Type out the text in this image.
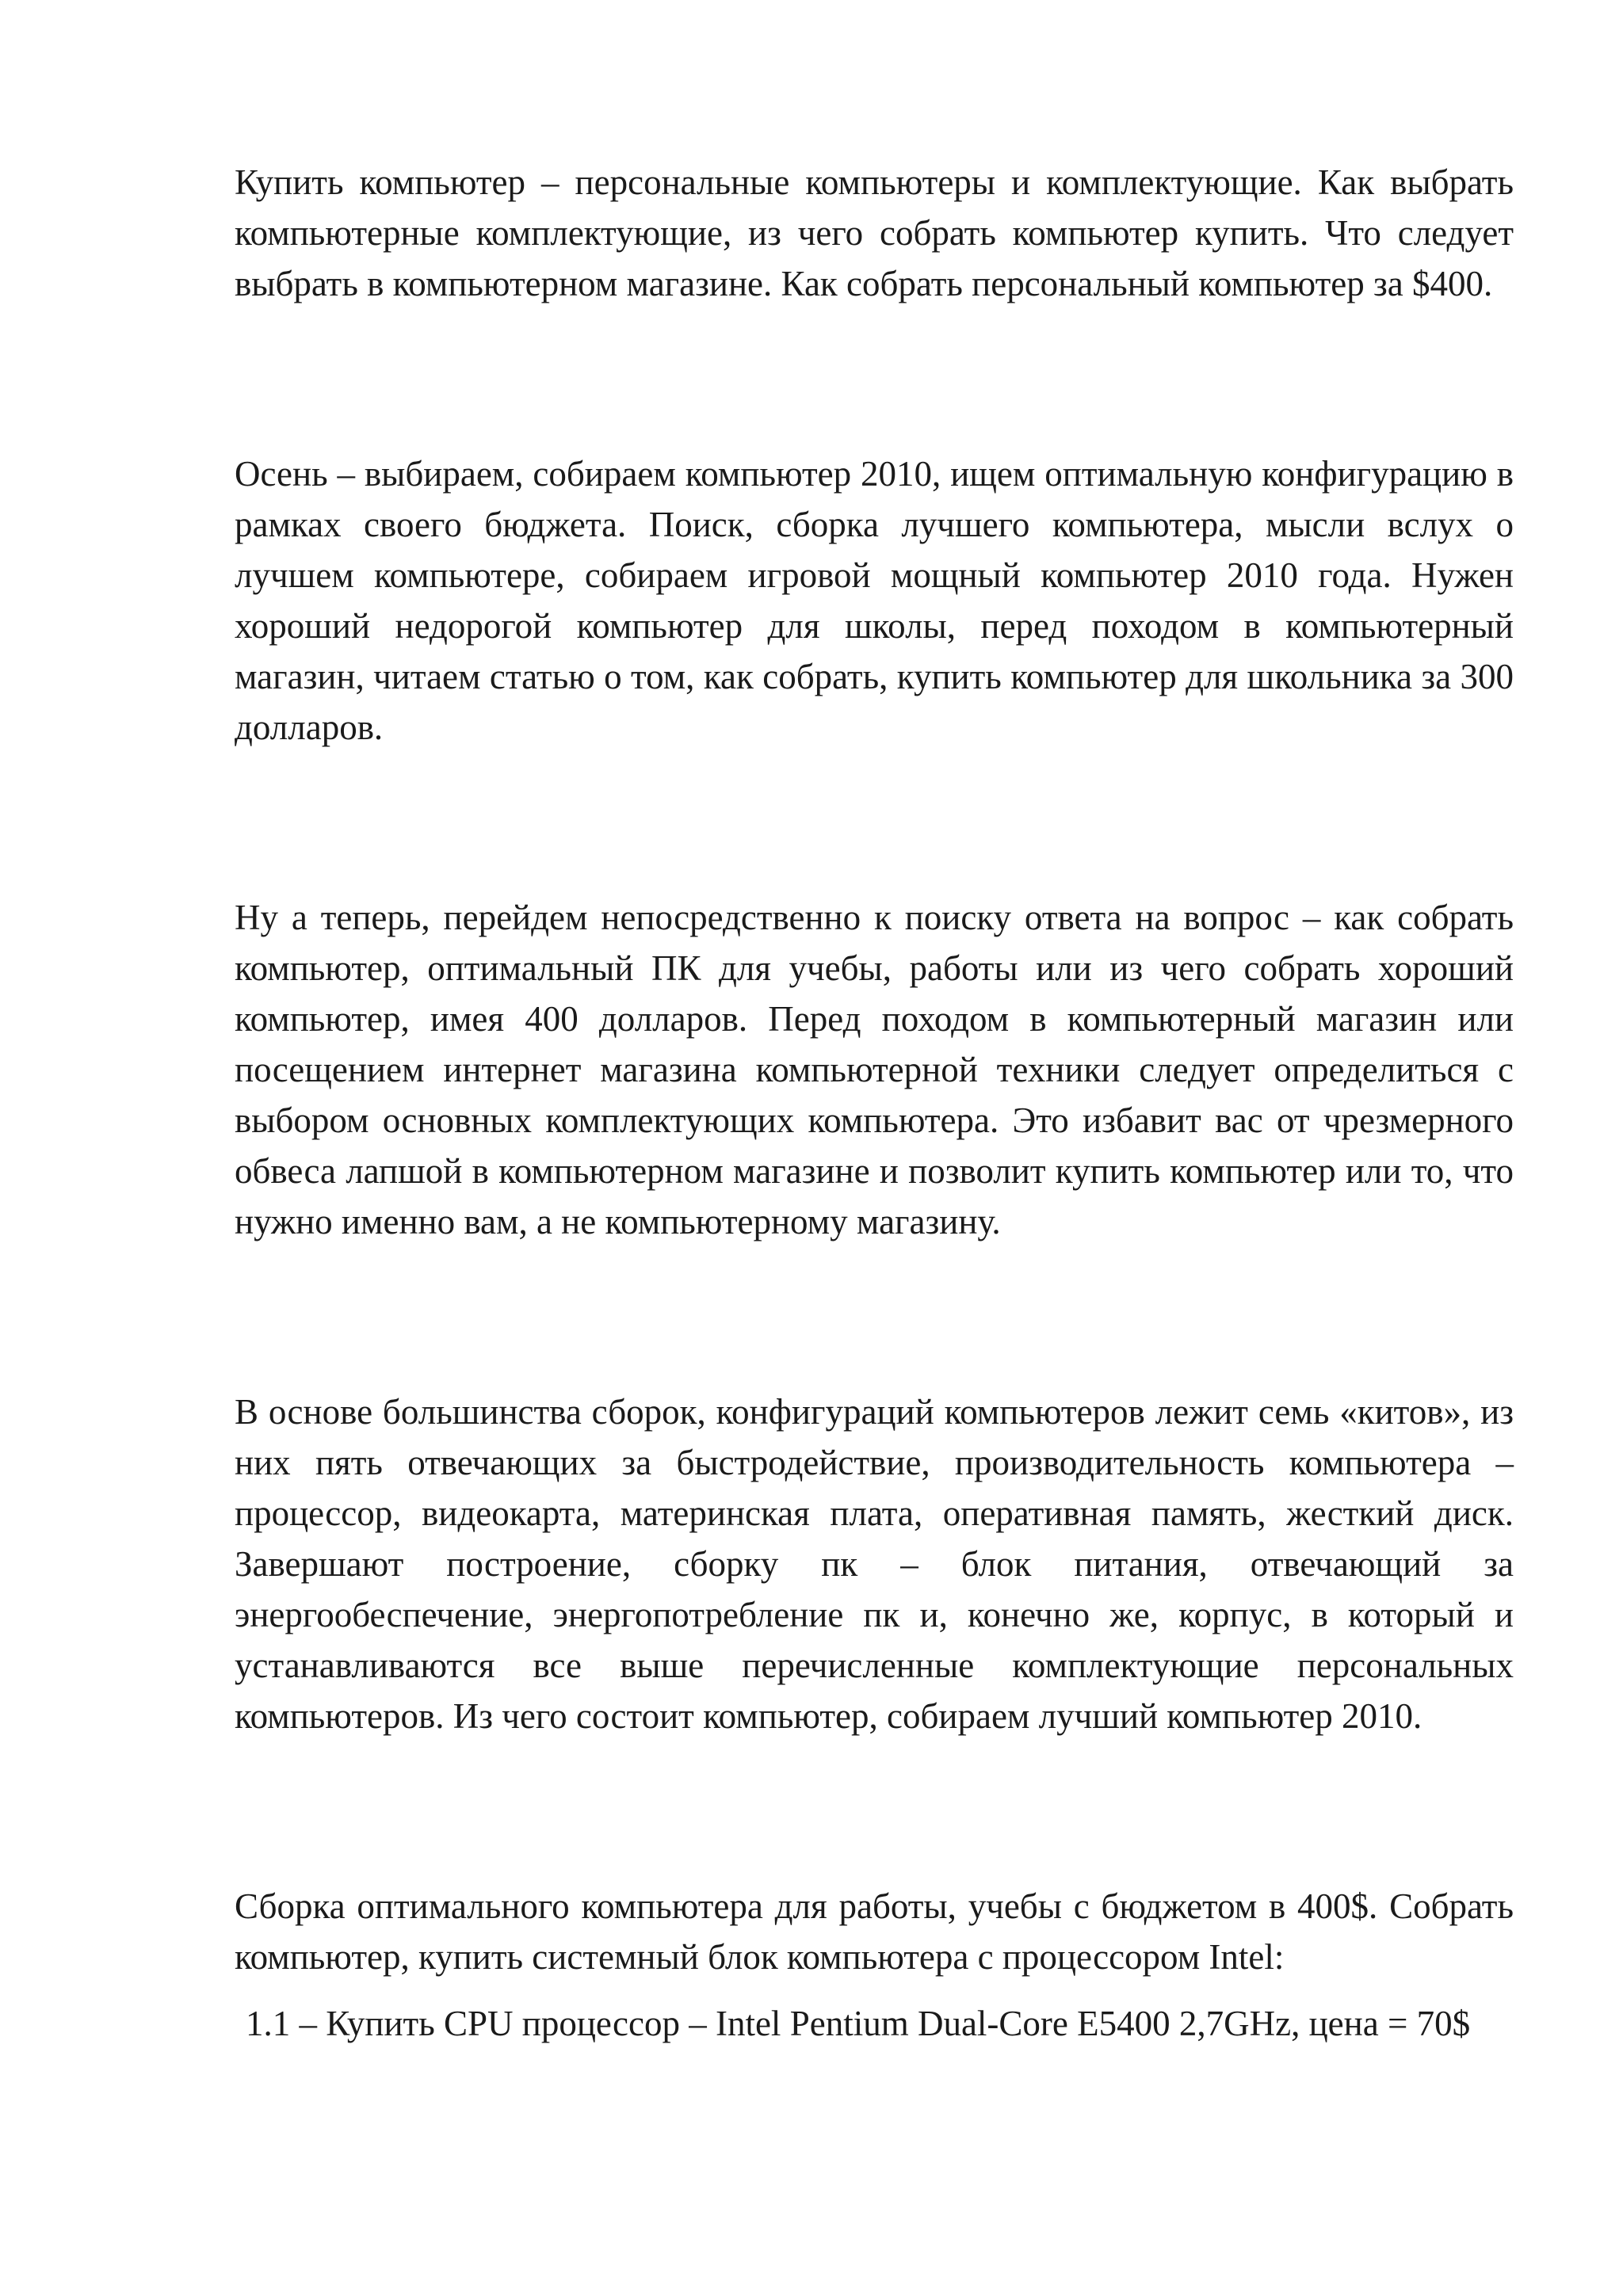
Купить компьютер – персональные компьютеры и комплектующие. Как выбрать компьютерные комплектующие, из чего собрать компьютер купить. Что следует выбрать в компьютерном магазине. Как собрать персональный компьютер за $400.

Осень – выбираем, собираем компьютер 2010, ищем оптимальную конфигурацию в рамках своего бюджета. Поиск, сборка лучшего компьютера, мысли вслух о лучшем компьютере, собираем игровой мощный компьютер 2010 года. Нужен хороший недорогой компьютер для школы, перед походом в компьютерный магазин, читаем статью о том, как собрать, купить компьютер для школьника за 300 долларов.

Ну а теперь, перейдем непосредственно к поиску ответа на вопрос – как собрать компьютер, оптимальный ПК для учебы, работы или из чего собрать хороший компьютер, имея 400 долларов. Перед походом в компьютерный магазин или посещением интернет магазина компьютерной техники следует определиться с выбором основных комплектующих компьютера. Это избавит вас от чрезмерного обвеса лапшой в компьютерном магазине и позволит купить компьютер или то, что нужно именно вам, а не компьютерному магазину.

В основе большинства сборок, конфигураций компьютеров лежит семь «китов», из них пять отвечающих за быстродействие, производительность компьютера – процессор, видеокарта, материнская плата, оперативная память, жесткий диск. Завершают построение, сборку пк – блок питания, отвечающий за энергообеспечение, энергопотребление пк и, конечно же, корпус, в который и устанавливаются все выше перечисленные комплектующие персональных компьютеров. Из чего состоит компьютер, собираем лучший компьютер 2010.

Сборка оптимального компьютера для работы, учебы с бюджетом в 400$. Собрать компьютер, купить системный блок компьютера с процессором Intel:

1.1 – Купить CPU процессор – Intel Pentium Dual-Core E5400 2,7GHz, цена = 70$
